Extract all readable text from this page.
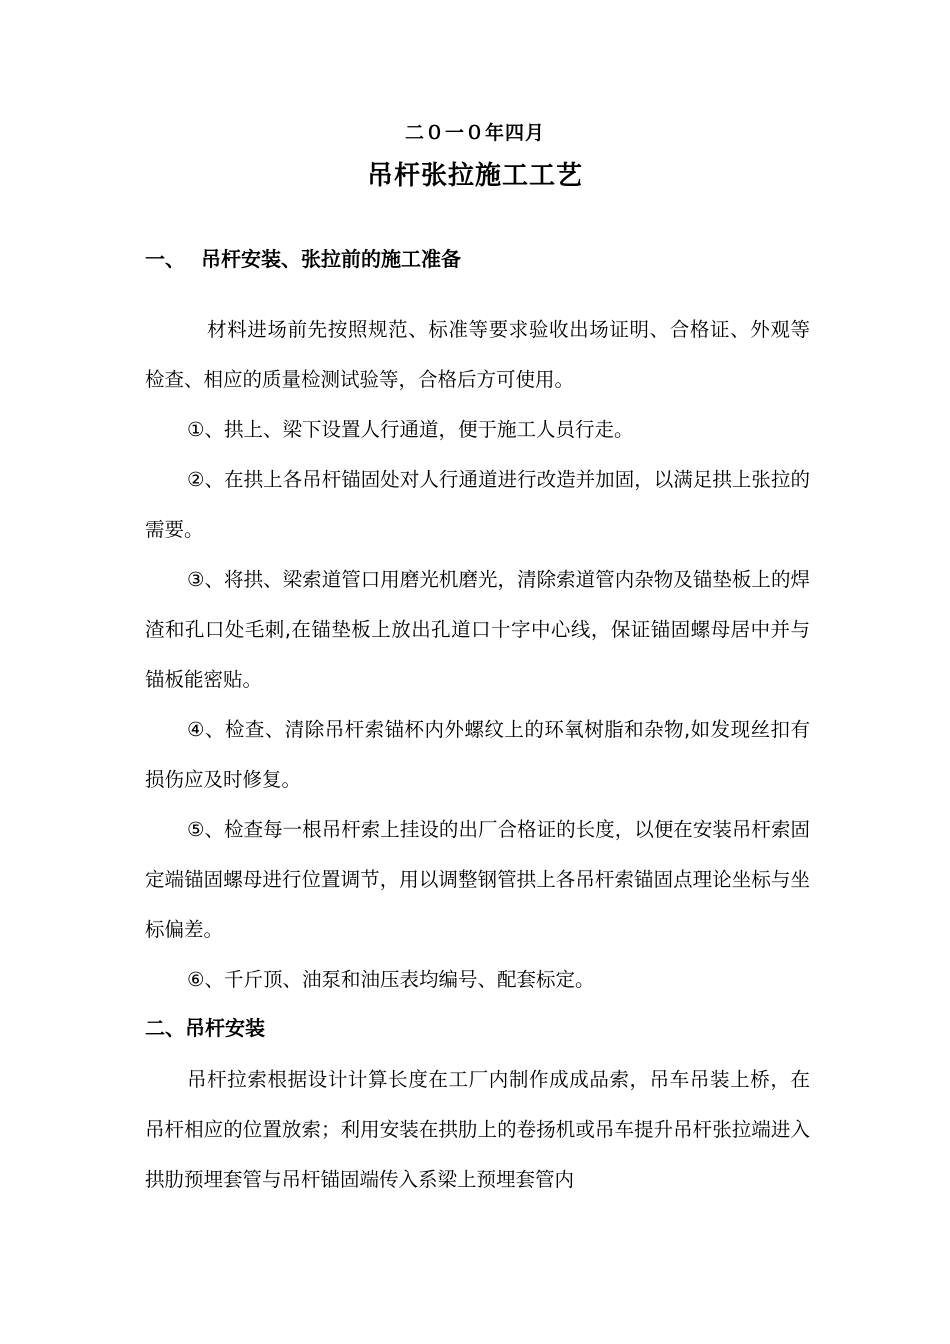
二０一０年四月
吊杆张拉施工工艺
一、 吊杆安装、张拉前的施工准备
材料进场前先按照规范、标准等要求验收出场证明、合格证、外观等检查、相应的质量检测试验等，合格后方可使用。
①、拱上、梁下设置人行通道，便于施工人员行走。
②、在拱上各吊杆锚固处对人行通道进行改造并加固，以满足拱上张拉的需要。
③、将拱、梁索道管口用磨光机磨光，清除索道管内杂物及锚垫板上的焊渣和孔口处毛刺,在锚垫板上放出孔道口十字中心线，保证锚固螺母居中并与锚板能密贴。
④、检查、清除吊杆索锚杯内外螺纹上的环氧树脂和杂物,如发现丝扣有损伤应及时修复。
⑤、检查每一根吊杆索上挂设的出厂合格证的长度，以便在安装吊杆索固定端锚固螺母进行位置调节，用以调整钢管拱上各吊杆索锚固点理论坐标与坐标偏差。
⑥、千斤顶、油泵和油压表均编号、配套标定。
二、吊杆安装
吊杆拉索根据设计计算长度在工厂内制作成成品索，吊车吊装上桥，在吊杆相应的位置放索；利用安装在拱肋上的卷扬机或吊车提升吊杆张拉端进入拱肋预埋套管与吊杆锚固端传入系梁上预埋套管内
